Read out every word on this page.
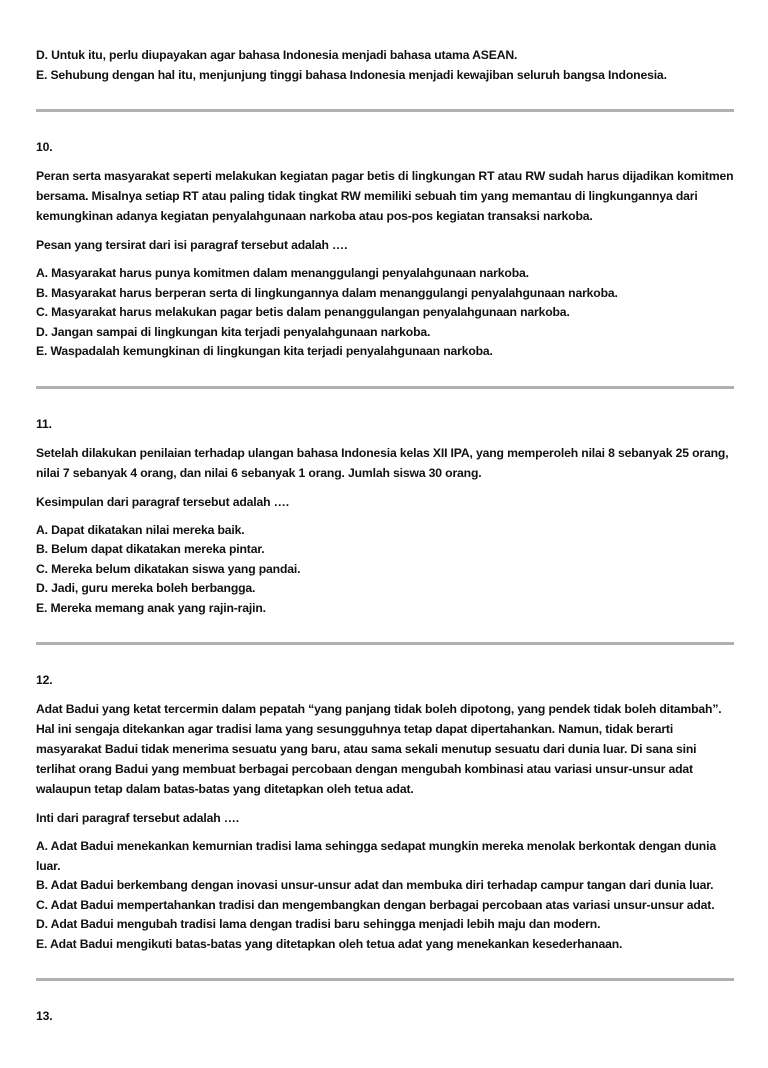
D. Untuk itu, perlu diupayakan agar bahasa Indonesia menjadi bahasa utama ASEAN.

E. Sehubung dengan hal itu, menjunjung tinggi bahasa Indonesia menjadi kewajiban seluruh bangsa Indonesia.

10.

Peran serta masyarakat seperti melakukan kegiatan pagar betis di lingkungan RT atau RW sudah harus dijadikan komitmen bersama. Misalnya setiap RT atau paling tidak tingkat RW memiliki sebuah tim yang memantau di lingkungannya dari kemungkinan adanya kegiatan penyalahgunaan narkoba atau pos-pos kegiatan transaksi narkoba.

Pesan yang tersirat dari isi paragraf tersebut adalah ….

A. Masyarakat harus punya komitmen dalam menanggulangi penyalahgunaan narkoba.

B. Masyarakat harus berperan serta di lingkungannya dalam menanggulangi penyalahgunaan narkoba.

C. Masyarakat harus melakukan pagar betis dalam penanggulangan penyalahgunaan narkoba.

D. Jangan sampai di lingkungan kita terjadi penyalahgunaan narkoba.

E. Waspadalah kemungkinan di lingkungan kita terjadi penyalahgunaan narkoba.

11.

Setelah dilakukan penilaian terhadap ulangan bahasa Indonesia kelas XII IPA, yang memperoleh nilai 8 sebanyak 25 orang, nilai 7 sebanyak 4 orang, dan nilai 6 sebanyak 1 orang. Jumlah siswa 30 orang.

Kesimpulan dari paragraf tersebut adalah ….

A. Dapat dikatakan nilai mereka baik.

B. Belum dapat dikatakan mereka pintar.

C. Mereka belum dikatakan siswa yang pandai.

D. Jadi, guru mereka boleh berbangga.

E. Mereka memang anak yang rajin-rajin.

12.

Adat Badui yang ketat tercermin dalam pepatah “yang panjang tidak boleh dipotong, yang pendek tidak boleh ditambah”. Hal ini sengaja ditekankan agar tradisi lama yang sesungguhnya tetap dapat dipertahankan. Namun, tidak berarti masyarakat Badui tidak menerima sesuatu yang baru, atau sama sekali menutup sesuatu dari dunia luar. Di sana sini terlihat orang Badui yang membuat berbagai percobaan dengan mengubah kombinasi atau variasi unsur-unsur adat walaupun tetap dalam batas-batas yang ditetapkan oleh tetua adat.

Inti dari paragraf tersebut adalah ….

A. Adat Badui menekankan kemurnian tradisi lama sehingga sedapat mungkin mereka menolak berkontak dengan dunia luar.

B. Adat Badui berkembang dengan inovasi unsur-unsur adat dan membuka diri terhadap campur tangan dari dunia luar.

C. Adat Badui mempertahankan tradisi dan mengembangkan dengan berbagai percobaan atas variasi unsur-unsur adat.

D. Adat Badui mengubah tradisi lama dengan tradisi baru sehingga menjadi lebih maju dan modern.

E. Adat Badui mengikuti batas-batas yang ditetapkan oleh tetua adat yang menekankan kesederhanaan.

13.
